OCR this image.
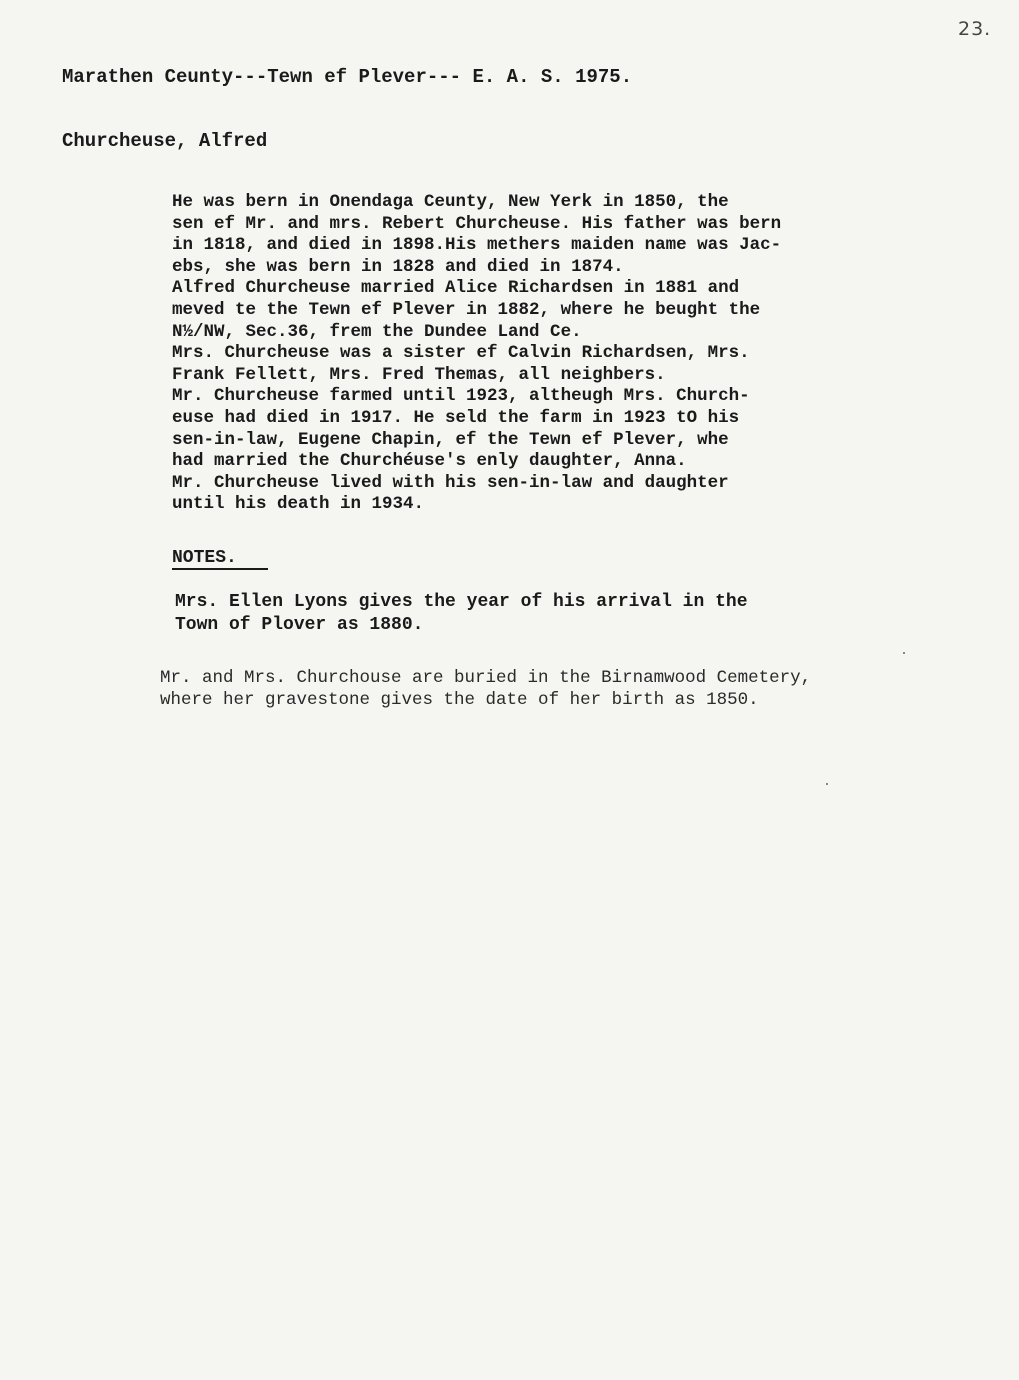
23.
Marathen Ceunty---Tewn ef Plever--- E. A. S. 1975.
Churcheuse, Alfred
He was bern in Onendaga Ceunty, New Yerk in 1850, the
sen ef Mr. and mrs. Rebert Churcheuse. His father was bern
in 1818, and died in 1898.His methers maiden name was Jac-
ebs, she was bern in 1828 and died in 1874.
Alfred Churcheuse married Alice Richardsen in 1881 and
meved te the Tewn ef Plever in 1882, where he beught the
N½/NW, Sec.36, frem the Dundee Land Ce.
Mrs. Churcheuse was a sister ef Calvin Richardsen, Mrs.
Frank Fellett, Mrs. Fred Themas, all neighbers.
Mr. Churcheuse farmed until 1923, altheugh Mrs. Church-
euse had died in 1917. He seld the farm in 1923 tO his
sen-in-law, Eugene Chapin, ef the Tewn ef Plever, whe
had married the Churchéuse's enly daughter, Anna.
Mr. Churcheuse lived with his sen-in-law and daughter
until his death in 1934.
NOTES.
Mrs. Ellen Lyons gives the year of his arrival in the
Town of Plover as 1880.
Mr. and Mrs. Churchouse are buried in the Birnamwood Cemetery,
where her gravestone gives the date of her birth as 1850.
